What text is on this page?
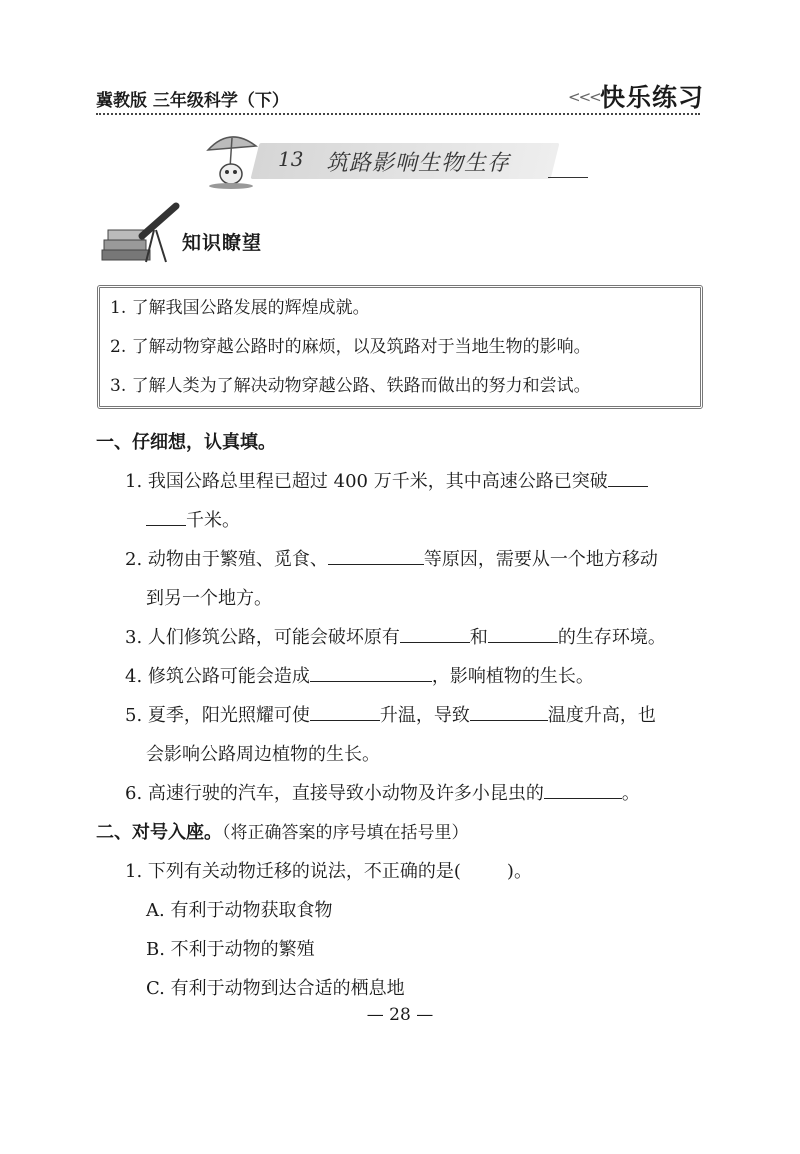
冀教版 三年级科学（下）	<<< 快乐练习
13 筑路影响生物生存
知识瞭望
1. 了解我国公路发展的辉煌成就。
2. 了解动物穿越公路时的麻烦，以及筑路对于当地生物的影响。
3. 了解人类为了解决动物穿越公路、铁路而做出的努力和尝试。
一、仔细想，认真填。
1. 我国公路总里程已超过 400 万千米，其中高速公路已突破
千米。
2. 动物由于繁殖、觅食、	等原因，需要从一个地方移动
到另一个地方。
3. 人们修筑公路，可能会破坏原有	和	的生存环境。
4. 修筑公路可能会造成	，影响植物的生长。
5. 夏季，阳光照耀可使	升温，导致	温度升高，也
会影响公路周边植物的生长。
6. 高速行驶的汽车，直接导致小动物及许多小昆虫的	。
二、对号入座。（将正确答案的序号填在括号里）
1. 下列有关动物迁移的说法，不正确的是(	)。
A. 有利于动物获取食物
B. 不利于动物的繁殖
C. 有利于动物到达合适的栖息地
— 28 —
